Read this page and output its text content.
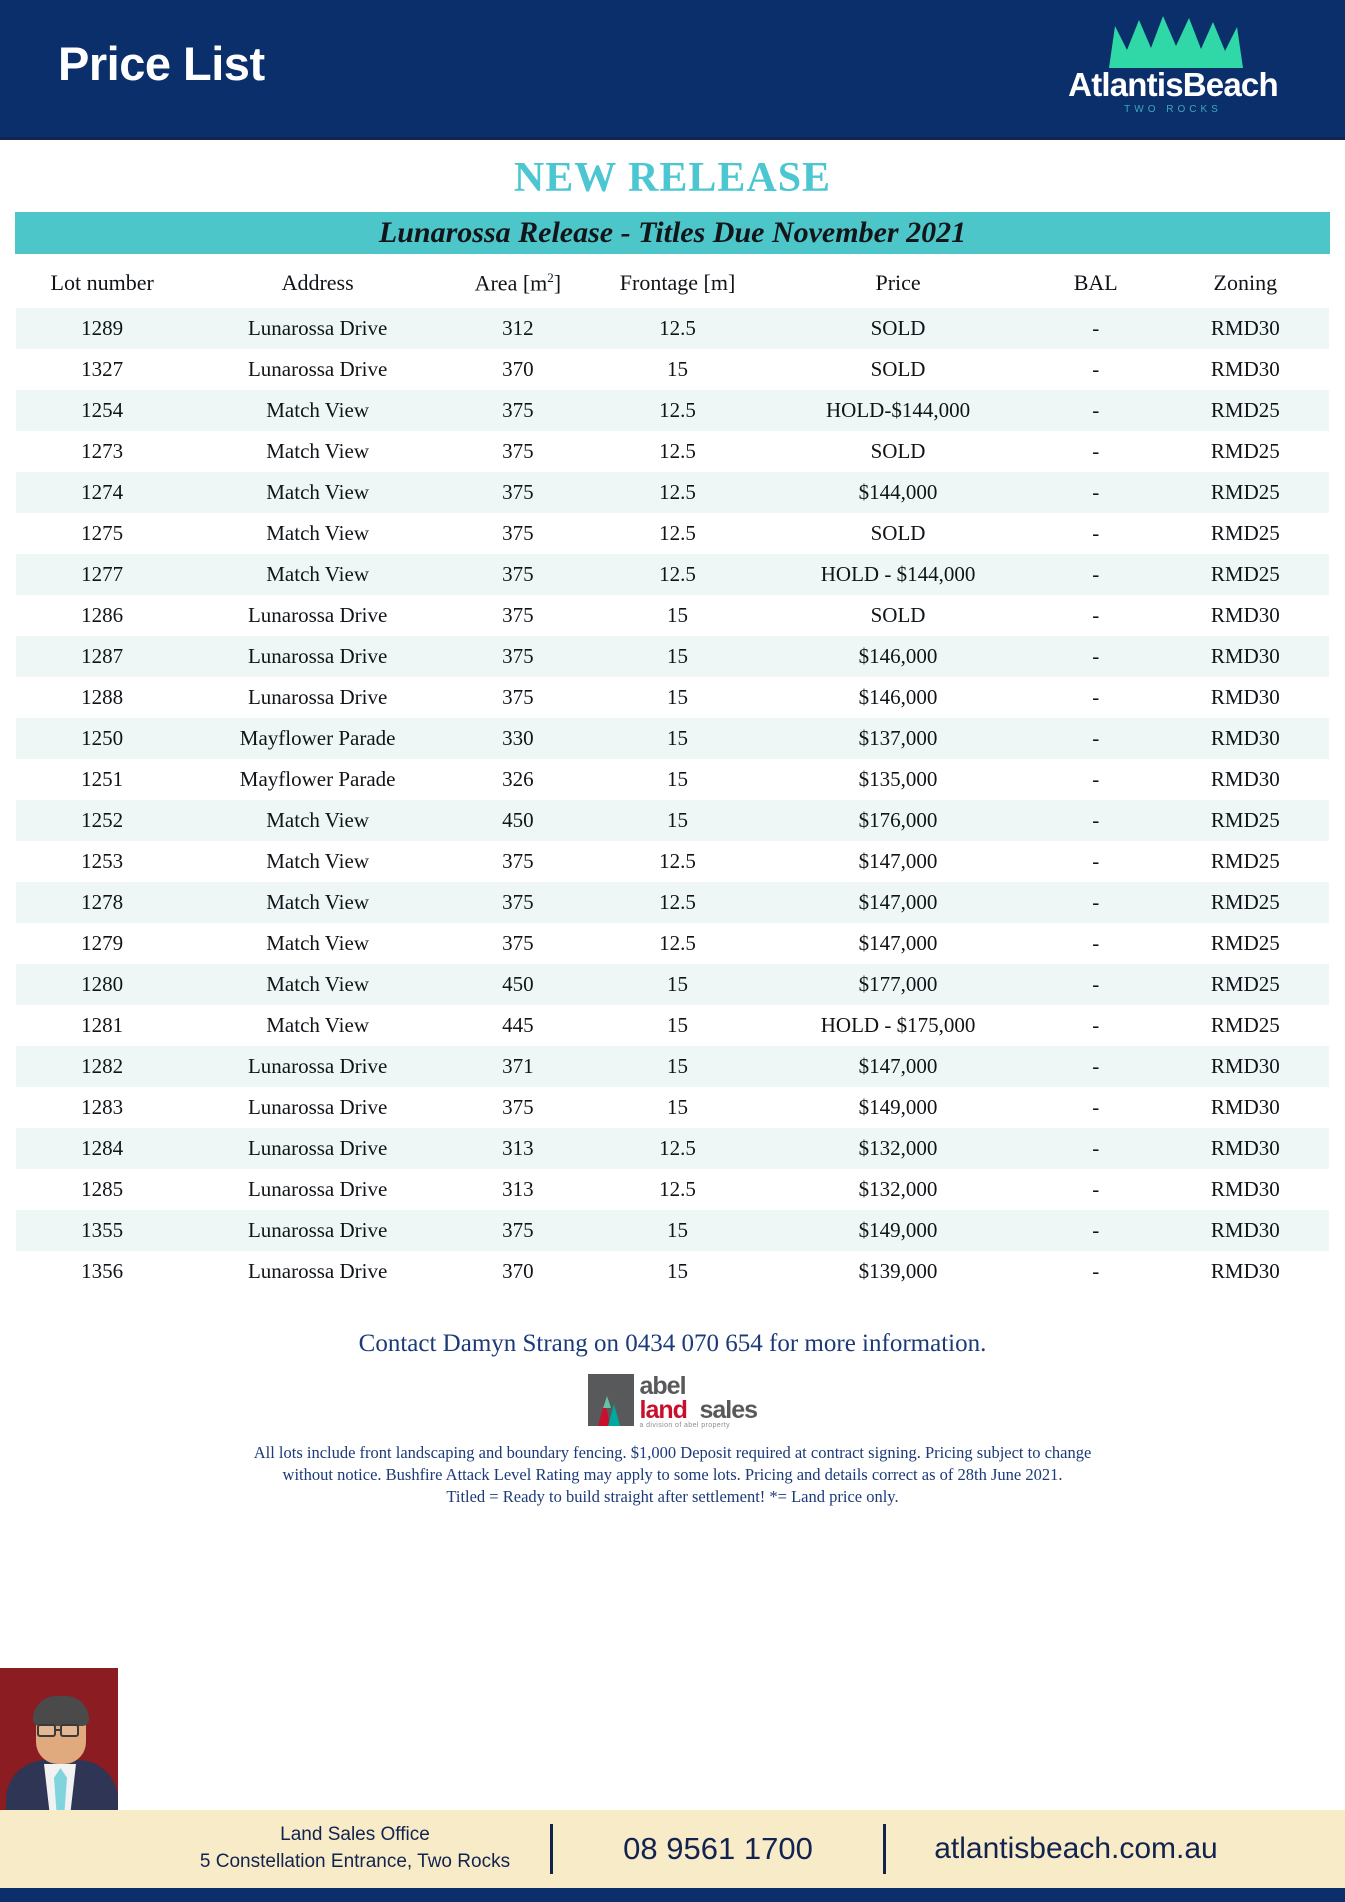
Price List	AtlantisBeach
TWO ROCKS
NEW RELEASE
Lunarossa Release - Titles Due November 2021
Lot number	Address	Area $[m^2]$	Frontage [m]	Price	BAL	Zoning
1289	Lunarossa Drive	312	12.5	SOLD	-	RMD30
1327	Lunarossa Drive	370	15	SOLD	-	RMD30
1254	Match View	375	12.5	HOLD-$144,000	-	RMD25
1273	Match View	375	12.5	SOLD	-	RMD25
1274	Match View	375	12.5	$144,000	-	RMD25
1275	Match View	375	12.5	SOLD	-	RMD25
1277	Match View	375	12.5	HOLD - $144,000	-	RMD25
1286	Lunarossa Drive	375	15	SOLD	-	RMD30
1287	Lunarossa Drive	375	15	$146,000	-	RMD30
1288	Lunarossa Drive	375	15	$146,000	-	RMD30
1250	Mayflower Parade	330	15	$137,000	-	RMD30
1251	Mayflower Parade	326	15	$135,000	-	RMD30
1252	Match View	450	15	$176,000	-	RMD25
1253	Match View	375	12.5	$147,000	-	RMD25
1278	Match View	375	12.5	$147,000	-	RMD25
1279	Match View	375	12.5	$147,000	-	RMD25
1280	Match View	450	15	$177,000	-	RMD25
1281	Match View	445	15	HOLD - $175,000	-	RMD25
1282	Lunarossa Drive	371	15	$147,000	-	RMD30
1283	Lunarossa Drive	375	15	$149,000	-	RMD30
1284	Lunarossa Drive	313	12.5	$132,000	-	RMD30
1285	Lunarossa Drive	313	12.5	$132,000	-	RMD30
1355	Lunarossa Drive	375	15	$149,000	-	RMD30
1356	Lunarossa Drive	370	15	$139,000	-	RMD30
Contact Damyn Strang on 0434 070 654 for more information.
abel
land sales
a division of abel property
All lots include front landscaping and boundary fencing. $1,000 Deposit required at contract signing. Pricing subject to change
without notice. Bushfire Attack Level Rating may apply to some lots. Pricing and details correct as of 28th June 2021.
Titled = Ready to build straight after settlement! *= Land price only.
Land Sales Office
5 Constellation Entrance, Two Rocks	08 9561 1700	atlantisbeach.com.au
